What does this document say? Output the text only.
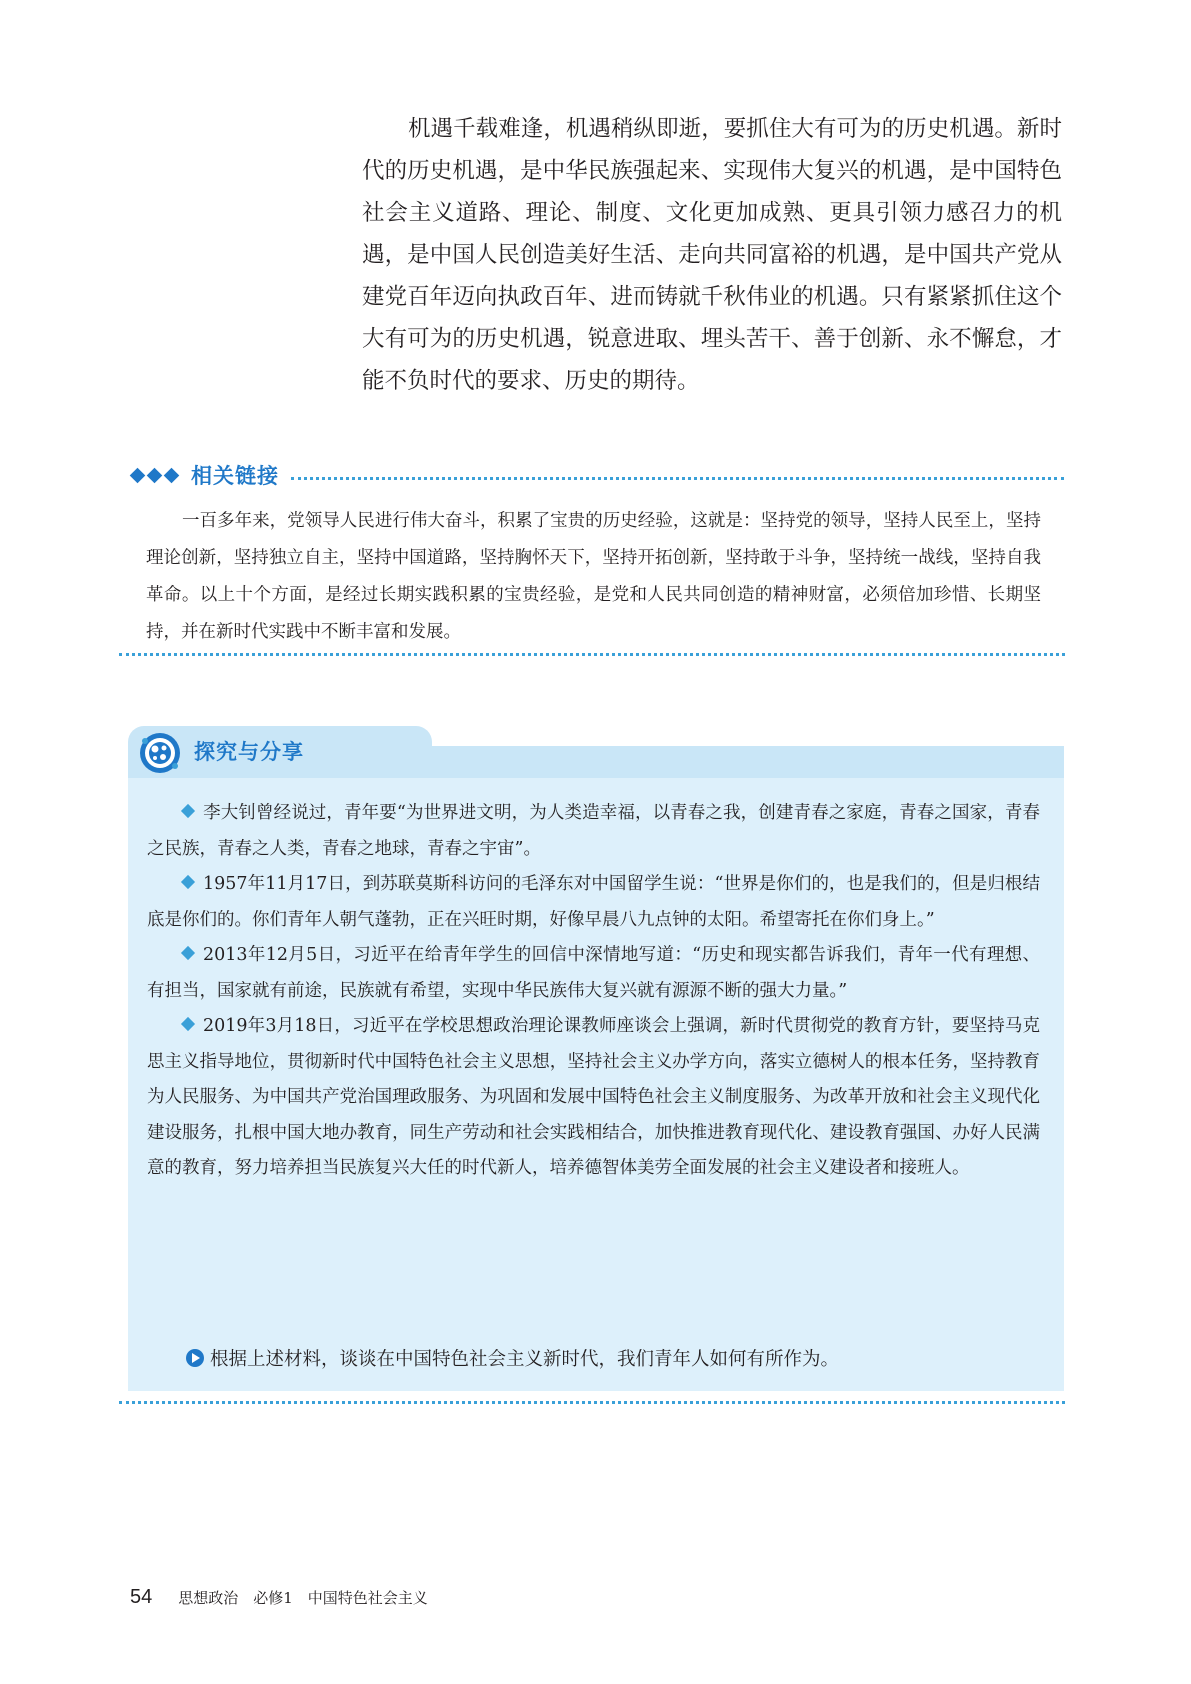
机遇千载难逢，机遇稍纵即逝，要抓住大有可为的历史机遇。新时代的历史机遇，是中华民族强起来、实现伟大复兴的机遇，是中国特色社会主义道路、理论、制度、文化更加成熟、更具引领力感召力的机遇，是中国人民创造美好生活、走向共同富裕的机遇，是中国共产党从建党百年迈向执政百年、进而铸就千秋伟业的机遇。只有紧紧抓住这个大有可为的历史机遇，锐意进取、埋头苦干、善于创新、永不懈怠，才能不负时代的要求、历史的期待。

相关链接

一百多年来，党领导人民进行伟大奋斗，积累了宝贵的历史经验，这就是：坚持党的领导，坚持人民至上，坚持理论创新，坚持独立自主，坚持中国道路，坚持胸怀天下，坚持开拓创新，坚持敢于斗争，坚持统一战线，坚持自我革命。以上十个方面，是经过长期实践积累的宝贵经验，是党和人民共同创造的精神财富，必须倍加珍惜、长期坚持，并在新时代实践中不断丰富和发展。

探究与分享

李大钊曾经说过，青年要“为世界进文明，为人类造幸福，以青春之我，创建青春之家庭，青春之国家，青春之民族，青春之人类，青春之地球，青春之宇宙”。

1957年11月17日，到苏联莫斯科访问的毛泽东对中国留学生说：“世界是你们的，也是我们的，但是归根结底是你们的。你们青年人朝气蓬勃，正在兴旺时期，好像早晨八九点钟的太阳。希望寄托在你们身上。”

2013年12月5日，习近平在给青年学生的回信中深情地写道：“历史和现实都告诉我们，青年一代有理想、有担当，国家就有前途，民族就有希望，实现中华民族伟大复兴就有源源不断的强大力量。”

2019年3月18日，习近平在学校思想政治理论课教师座谈会上强调，新时代贯彻党的教育方针，要坚持马克思主义指导地位，贯彻新时代中国特色社会主义思想，坚持社会主义办学方向，落实立德树人的根本任务，坚持教育为人民服务、为中国共产党治国理政服务、为巩固和发展中国特色社会主义制度服务、为改革开放和社会主义现代化建设服务，扎根中国大地办教育，同生产劳动和社会实践相结合，加快推进教育现代化、建设教育强国、办好人民满意的教育，努力培养担当民族复兴大任的时代新人，培养德智体美劳全面发展的社会主义建设者和接班人。

根据上述材料，谈谈在中国特色社会主义新时代，我们青年人如何有所作为。
54 思想政治　必修1　中国特色社会主义
